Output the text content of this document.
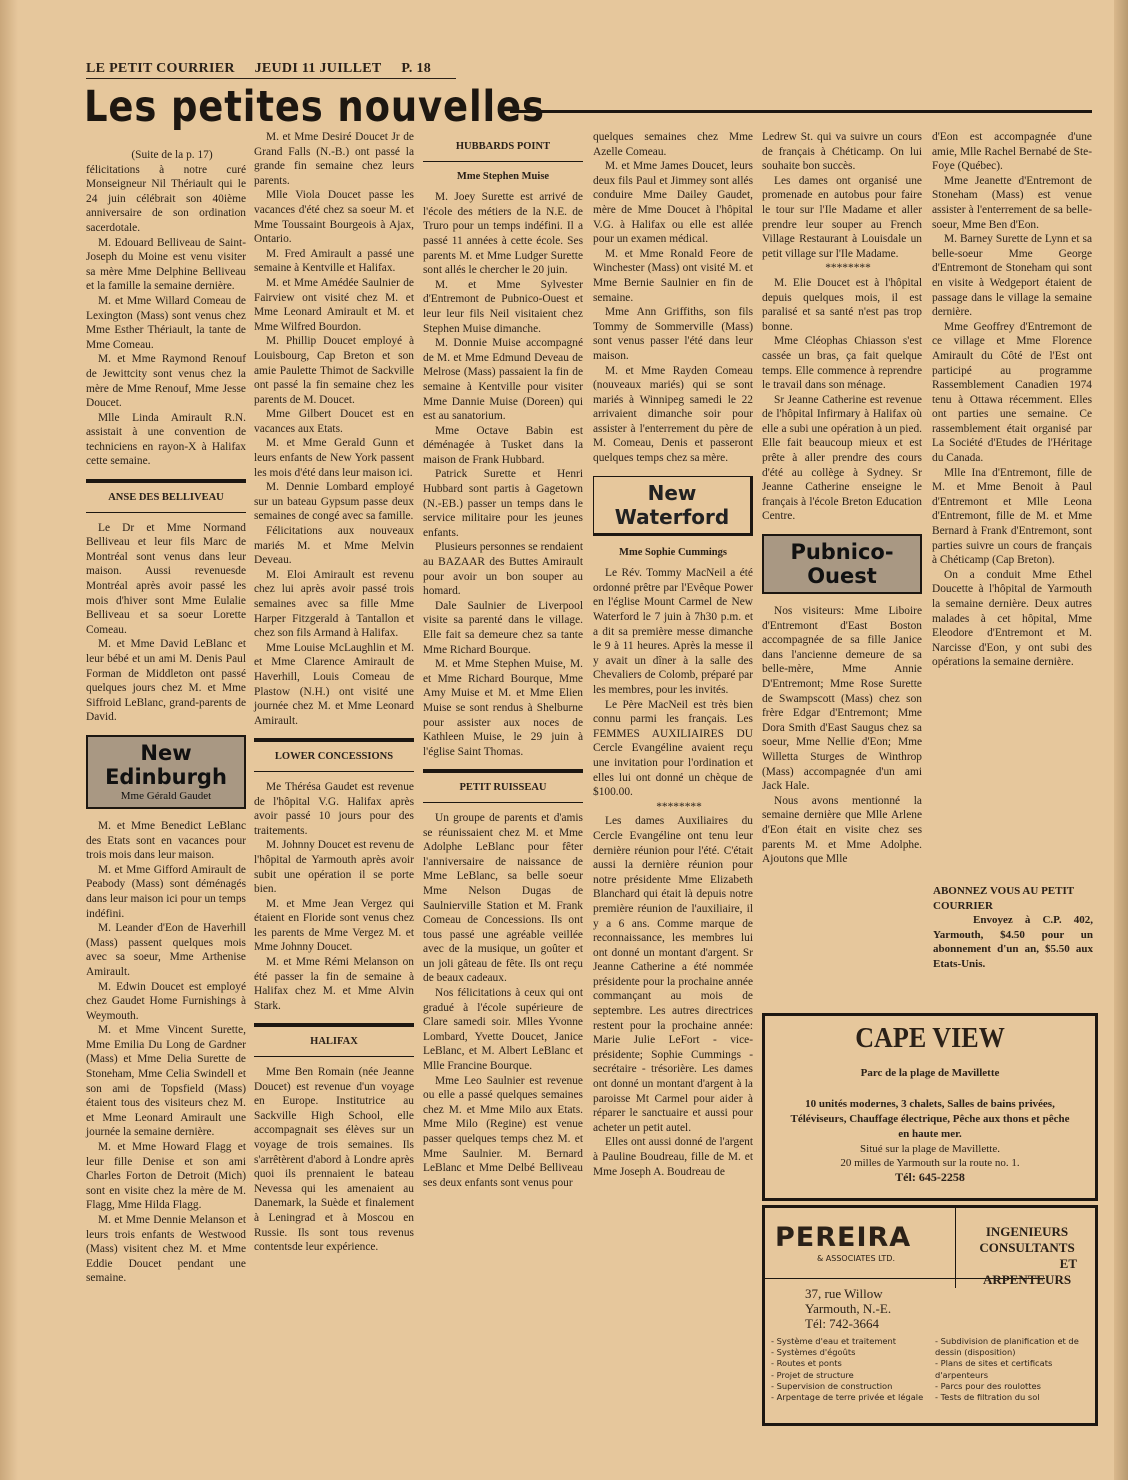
LE PETIT COURRIER JEUDI 11 JUILLET P. 18
Les petites nouvelles

(Suite de la p. 17)

félicitations à notre curé Monseigneur Nil Thériault qui le 24 juin célébrait son 40ième anniversaire de son ordination sacerdotale.

M. Edouard Belliveau de Saint-Joseph du Moine est venu visiter sa mère Mme Delphine Belliveau et la famille la semaine dernière.

M. et Mme Willard Comeau de Lexington (Mass) sont venus chez Mme Esther Thériault, la tante de Mme Comeau.

M. et Mme Raymond Renouf de Jewittcity sont venus chez la mère de Mme Renouf, Mme Jesse Doucet.

Mlle Linda Amirault R.N. assistait à une convention de techniciens en rayon-X à Halifax cette semaine.

ANSE DES BELLIVEAU

Le Dr et Mme Normand Belliveau et leur fils Marc de Montréal sont venus dans leur maison. Aussi revenuesde Montréal après avoir passé les mois d'hiver sont Mme Eulalie Belliveau et sa soeur Lorette Comeau.

M. et Mme David LeBlanc et leur bébé et un ami M. Denis Paul Forman de Middleton ont passé quelques jours chez M. et Mme Siffroid LeBlanc, grand-parents de David.

New Edinburgh
Mme Gérald Gaudet

M. et Mme Benedict LeBlanc des Etats sont en vacances pour trois mois dans leur maison.

M. et Mme Gifford Amirault de Peabody (Mass) sont déménagés dans leur maison ici pour un temps indéfini.

M. Leander d'Eon de Haverhill (Mass) passent quelques mois avec sa soeur, Mme Arthenise Amirault.

M. Edwin Doucet est employé chez Gaudet Home Furnishings à Weymouth.

M. et Mme Vincent Surette, Mme Emilia Du Long de Gardner (Mass) et Mme Delia Surette de Stoneham, Mme Celia Swindell et son ami de Topsfield (Mass) étaient tous des visiteurs chez M. et Mme Leonard Amirault une journée la semaine dernière.

M. et Mme Howard Flagg et leur fille Denise et son ami Charles Forton de Detroit (Mich) sont en visite chez la mère de M. Flagg, Mme Hilda Flagg.

M. et Mme Dennie Melanson et leurs trois enfants de Westwood (Mass) visitent chez M. et Mme Eddie Doucet pendant une semaine.

M. et Mme Desiré Doucet Jr de Grand Falls (N.-B.) ont passé la grande fin semaine chez leurs parents.

Mlle Viola Doucet passe les vacances d'été chez sa soeur M. et Mme Toussaint Bourgeois à Ajax, Ontario.

M. Fred Amirault a passé une semaine à Kentville et Halifax.

M. et Mme Amédée Saulnier de Fairview ont visité chez M. et Mme Leonard Amirault et M. et Mme Wilfred Bourdon.

M. Phillip Doucet employé à Louisbourg, Cap Breton et son amie Paulette Thimot de Sackville ont passé la fin semaine chez les parents de M. Doucet.

Mme Gilbert Doucet est en vacances aux Etats.

M. et Mme Gerald Gunn et leurs enfants de New York passent les mois d'été dans leur maison ici.

M. Dennie Lombard employé sur un bateau Gypsum passe deux semaines de congé avec sa famille.

Félicitations aux nouveaux mariés M. et Mme Melvin Deveau.

M. Eloi Amirault est revenu chez lui après avoir passé trois semaines avec sa fille Mme Harper Fitzgerald à Tantallon et chez son fils Armand à Halifax.

Mme Louise McLaughlin et M. et Mme Clarence Amirault de Haverhill, Louis Comeau de Plastow (N.H.) ont visité une journée chez M. et Mme Leonard Amirault.

LOWER CONCESSIONS

Me Thérésa Gaudet est revenue de l'hôpital V.G. Halifax après avoir passé 10 jours pour des traitements.

M. Johnny Doucet est revenu de l'hôpital de Yarmouth après avoir subit une opération il se porte bien.

M. et Mme Jean Vergez qui étaient en Floride sont venus chez les parents de Mme Vergez M. et Mme Johnny Doucet.

M. et Mme Rémi Melanson on été passer la fin de semaine à Halifax chez M. et Mme Alvin Stark.

HALIFAX

Mme Ben Romain (née Jeanne Doucet) est revenue d'un voyage en Europe. Institutrice au Sackville High School, elle accompagnait ses élèves sur un voyage de trois semaines. Ils s'arrêtèrent d'abord à Londre après quoi ils prennaient le bateau Nevessa qui les amenaient au Danemark, la Suède et finalement à Leningrad et à Moscou en Russie. Ils sont tous revenus contentsde leur expérience.

HUBBARDS POINT
Mme Stephen Muise

M. Joey Surette est arrivé de l'école des métiers de la N.E. de Truro pour un temps indéfini. Il a passé 11 années à cette école. Ses parents M. et Mme Ludger Surette sont allés le chercher le 20 juin.

M. et Mme Sylvester d'Entremont de Pubnico-Ouest et leur leur fils Neil visitaient chez Stephen Muise dimanche.

M. Donnie Muise accompagné de M. et Mme Edmund Deveau de Melrose (Mass) passaient la fin de semaine à Kentville pour visiter Mme Dannie Muise (Doreen) qui est au sanatorium.

Mme Octave Babin est déménagée à Tusket dans la maison de Frank Hubbard.

Patrick Surette et Henri Hubbard sont partis à Gagetown (N.-EB.) passer un temps dans le service militaire pour les jeunes enfants.

Plusieurs personnes se rendaient au BAZAAR des Buttes Amirault pour avoir un bon souper au homard.

Dale Saulnier de Liverpool visite sa parenté dans le village. Elle fait sa demeure chez sa tante Mme Richard Bourque.

M. et Mme Stephen Muise, M. et Mme Richard Bourque, Mme Amy Muise et M. et Mme Elien Muise se sont rendus à Shelburne pour assister aux noces de Kathleen Muise, le 29 juin à l'église Saint Thomas.

PETIT RUISSEAU

Un groupe de parents et d'amis se réunissaient chez M. et Mme Adolphe LeBlanc pour fêter l'anniversaire de naissance de Mme LeBlanc, sa belle soeur Mme Nelson Dugas de Saulnierville Station et M. Frank Comeau de Concessions. Ils ont tous passé une agréable veillée avec de la musique, un goûter et un joli gâteau de fête. Ils ont reçu de beaux cadeaux.

Nos félicitations à ceux qui ont gradué à l'école supérieure de Clare samedi soir. Mlles Yvonne Lombard, Yvette Doucet, Janice LeBlanc, et M. Albert LeBlanc et Mlle Francine Bourque.

Mme Leo Saulnier est revenue ou elle a passé quelques semaines chez M. et Mme Milo aux Etats. Mme Milo (Regine) est venue passer quelques temps chez M. et Mme Saulnier. M. Bernard LeBlanc et Mme Delbé Belliveau ses deux enfants sont venus pour

quelques semaines chez Mme Azelle Comeau.

M. et Mme James Doucet, leurs deux fils Paul et Jimmey sont allés conduire Mme Dailey Gaudet, mère de Mme Doucet à l'hôpital V.G. à Halifax ou elle est allée pour un examen médical.

M. et Mme Ronald Feore de Winchester (Mass) ont visité M. et Mme Bernie Saulnier en fin de semaine.

Mme Ann Griffiths, son fils Tommy de Sommerville (Mass) sont venus passer l'été dans leur maison.

M. et Mme Rayden Comeau (nouveaux mariés) qui se sont mariés à Winnipeg samedi le 22 arrivaient dimanche soir pour assister à l'enterrement du père de M. Comeau, Denis et passeront quelques temps chez sa mère.

New Waterford
Mme Sophie Cummings

Le Rév. Tommy MacNeil a été ordonné prêtre par l'Evêque Power en l'église Mount Carmel de New Waterford le 7 juin à 7h30 p.m. et a dit sa première messe dimanche le 9 à 11 heures. Après la messe il y avait un dîner à la salle des Chevaliers de Colomb, préparé par les membres, pour les invités.

Le Père MacNeil est très bien connu parmi les français. Les FEMMES AUXILIAIRES DU Cercle Evangéline avaient reçu une invitation pour l'ordination et elles lui ont donné un chèque de $100.00.

********

Les dames Auxiliaires du Cercle Evangéline ont tenu leur dernière réunion pour l'été. C'était aussi la dernière réunion pour notre présidente Mme Elizabeth Blanchard qui était là depuis notre première réunion de l'auxiliaire, il y a 6 ans. Comme marque de reconnaissance, les membres lui ont donné un montant d'argent. Sr Jeanne Catherine a été nommée présidente pour la prochaine année commançant au mois de septembre. Les autres directrices restent pour la prochaine année: Marie Julie LeFort - vice-présidente; Sophie Cummings - secrétaire - trésorière. Les dames ont donné un montant d'argent à la paroisse Mt Carmel pour aider à réparer le sanctuaire et aussi pour acheter un petit autel.

Elles ont aussi donné de l'argent à Pauline Boudreau, fille de M. et Mme Joseph A. Boudreau de

Ledrew St. qui va suivre un cours de français à Chéticamp. On lui souhaite bon succès.

Les dames ont organisé une promenade en autobus pour faire le tour sur l'Ile Madame et aller prendre leur souper au French Village Restaurant à Louisdale un petit village sur l'Ile Madame.

********

M. Elie Doucet est à l'hôpital depuis quelques mois, il est paralisé et sa santé n'est pas trop bonne.

Mme Cléophas Chiasson s'est cassée un bras, ça fait quelque temps. Elle commence à reprendre le travail dans son ménage.

Sr Jeanne Catherine est revenue de l'hôpital Infirmary à Halifax où elle a subi une opération à un pied. Elle fait beaucoup mieux et est prête à aller prendre des cours d'été au collège à Sydney. Sr Jeanne Catherine enseigne le français à l'école Breton Education Centre.

Pubnico-Ouest

Nos visiteurs: Mme Liboire d'Entremont d'East Boston accompagnée de sa fille Janice dans l'ancienne demeure de sa belle-mère, Mme Annie D'Entremont; Mme Rose Surette de Swampscott (Mass) chez son frère Edgar d'Entremont; Mme Dora Smith d'East Saugus chez sa soeur, Mme Nellie d'Eon; Mme Willetta Sturges de Winthrop (Mass) accompagnée d'un ami Jack Hale.

Nous avons mentionné la semaine dernière que Mlle Arlene d'Eon était en visite chez ses parents M. et Mme Adolphe. Ajoutons que Mlle

d'Eon est accompagnée d'une amie, Mlle Rachel Bernabé de Ste-Foye (Québec).

Mme Jeanette d'Entremont de Stoneham (Mass) est venue assister à l'enterrement de sa belle-soeur, Mme Ben d'Eon.

M. Barney Surette de Lynn et sa belle-soeur Mme George d'Entremont de Stoneham qui sont en visite à Wedgeport étaient de passage dans le village la semaine dernière.

Mme Geoffrey d'Entremont de ce village et Mme Florence Amirault du Côté de l'Est ont participé au programme Rassemblement Canadien 1974 tenu à Ottawa récemment. Elles ont parties une semaine. Ce rassemblement était organisé par La Société d'Etudes de l'Héritage du Canada.

Mlle Ina d'Entremont, fille de M. et Mme Benoit à Paul d'Entremont et Mlle Leona d'Entremont, fille de M. et Mme Bernard à Frank d'Entremont, sont parties suivre un cours de français à Chéticamp (Cap Breton).

On a conduit Mme Ethel Doucette à l'hôpital de Yarmouth la semaine dernière. Deux autres malades à cet hôpital, Mme Eleodore d'Entremont et M. Narcisse d'Eon, y ont subi des opérations la semaine dernière.

ABONNEZ VOUS AU PETIT COURRIER
Envoyez à C.P. 402, Yarmouth, $4.50 pour un abonnement d'un an, $5.50 aux Etats-Unis.
CAPE VIEW
Parc de la plage de Mavillette
10 unités modernes, 3 chalets, Salles de bains privées, Téléviseurs, Chauffage électrique, Pêche aux thons et pêche en haute mer.
Situé sur la plage de Mavillette.
20 milles de Yarmouth sur la route no. 1.
Tél: 645-2258
PEREIRA
& ASSOCIATES LTD.
INGENIEURS
CONSULTANTS
ET
ARPENTEURS
37, rue Willow
Yarmouth, N.-E.
Tél: 742-3664
- Système d'eau et traitement
- Systèmes d'égoûts
- Routes et ponts
- Projet de structure
- Supervision de construction
- Arpentage de terre privée et légale
- Subdivision de planification et de dessin (disposition)
- Plans de sites et certificats d'arpenteurs
- Parcs pour des roulottes
- Tests de filtration du sol
